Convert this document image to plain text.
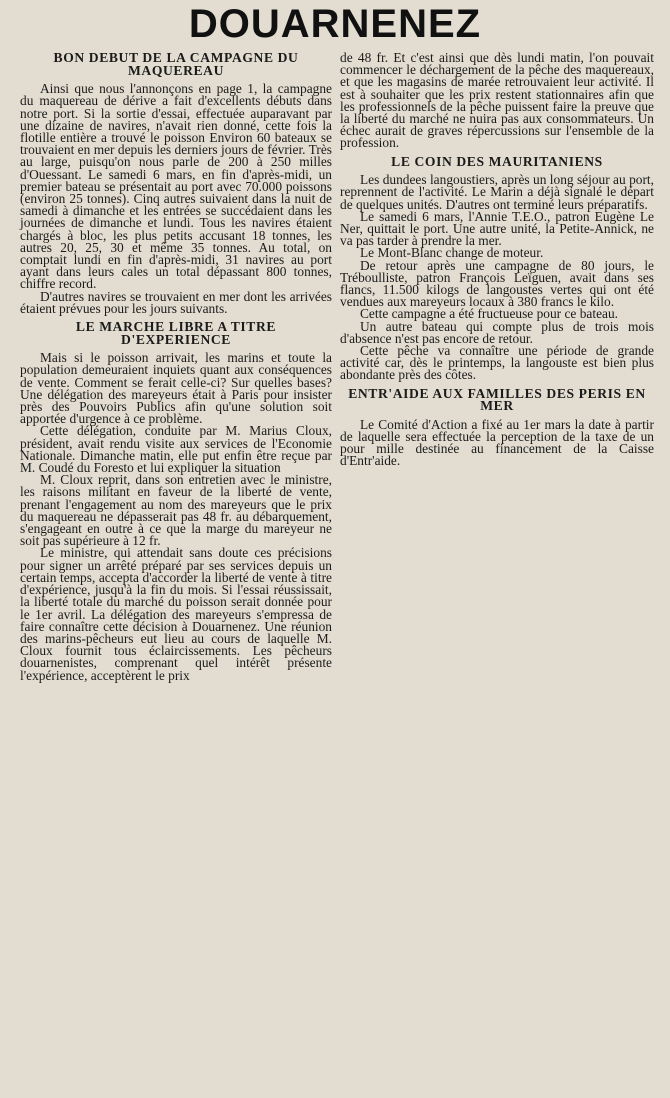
DOUARNENEZ
BON DEBUT DE LA CAMPAGNE DU MAQUEREAU

Ainsi que nous l'annonçons en page 1, la campagne du maquereau de dérive a fait d'excellents débuts dans notre port. Si la sortie d'essai, effectuée auparavant par une dizaine de navires, n'avait rien donné, cette fois la flotille entière a trouvé le poisson Environ 60 bateaux se trouvaient en mer depuis les derniers jours de février. Très au large, puisqu'on nous parle de 200 à 250 milles d'Ouessant. Le samedi 6 mars, en fin d'après-midi, un premier bateau se présentait au port avec 70.000 poissons (environ 25 tonnes). Cinq autres suivaient dans la nuit de samedi à dimanche et les entrées se succédaient dans les journées de dimanche et lundi. Tous les navires étaient chargés à bloc, les plus petits accusant 18 tonnes, les autres 20, 25, 30 et même 35 tonnes. Au total, on comptait lundi en fin d'après-midi, 31 navires au port ayant dans leurs cales un total dépassant 800 tonnes, chiffre record.

D'autres navires se trouvaient en mer dont les arrivées étaient prévues pour les jours suivants.

LE MARCHE LIBRE A TITRE D'EXPERIENCE

Mais si le poisson arrivait, les marins et toute la population demeuraient inquiets quant aux conséquences de vente. Comment se ferait celle-ci? Sur quelles bases? Une délégation des mareyeurs était à Paris pour insister près des Pouvoirs Publics afin qu'une solution soit apportée d'urgence à ce problème.

Cette délégation, conduite par M. Marius Cloux, président, avait rendu visite aux services de l'Economie Nationale. Dimanche matin, elle put enfin être reçue par M. Coudé du Foresto et lui expliquer la situation

M. Cloux reprit, dans son entretien avec le ministre, les raisons militant en faveur de la liberté de vente, prenant l'engagement au nom des mareyeurs que le prix du maquereau ne dépasserait pas 48 fr. au débarquement, s'engageant en outre à ce que la marge du mareyeur ne soit pas supérieure à 12 fr.

Le ministre, qui attendait sans doute ces précisions pour signer un arrêté préparé par ses services depuis un certain temps, accepta d'accorder la liberté de vente à titre d'expérience, jusqu'à la fin du mois. Si l'essai réussissait, la liberté totale du marché du poisson serait donnée pour le 1er avril. La délégation des mareyeurs s'empressa de faire connaître cette décision à Douarnenez. Une réunion des marins-pêcheurs eut lieu au cours de laquelle M. Cloux fournit tous éclaircissements. Les pêcheurs douarnenistes, comprenant quel intérêt présente l'expérience, acceptèrent le prix

de 48 fr. Et c'est ainsi que dès lundi matin, l'on pouvait commencer le déchargement de la pêche des maquereaux, et que les magasins de marée retrouvaient leur activité. Il est à souhaiter que les prix restent stationnaires afin que les professionnels de la pêche puissent faire la preuve que la liberté du marché ne nuira pas aux consommateurs. Un échec aurait de graves répercussions sur l'ensemble de la profession.

LE COIN DES MAURITANIENS

Les dundees langoustiers, après un long séjour au port, reprennent de l'activité. Le Marin a déjà signalé le départ de quelques unités. D'autres ont terminé leurs préparatifs.

Le samedi 6 mars, l'Annie T.E.O., patron Eugène Le Ner, quittait le port. Une autre unité, la Petite-Annick, ne va pas tarder à prendre la mer.

Le Mont-Blanc change de moteur.

De retour après une campagne de 80 jours, le Tréboulliste, patron François Leïguen, avait dans ses flancs, 11.500 kilogs de langoustes vertes qui ont été vendues aux mareyeurs locaux à 380 francs le kilo.

Cette campagne a été fructueuse pour ce bateau.

Un autre bateau qui compte plus de trois mois d'absence n'est pas encore de retour.

Cette pêche va connaître une période de grande activité car, dès le printemps, la langouste est bien plus abondante près des côtes.

ENTR'AIDE AUX FAMILLES DES PERIS EN MER

Le Comité d'Action a fixé au 1er mars la date à partir de laquelle sera effectuée la perception de la taxe de un pour mille destinée au financement de la Caisse d'Entr'aide.
